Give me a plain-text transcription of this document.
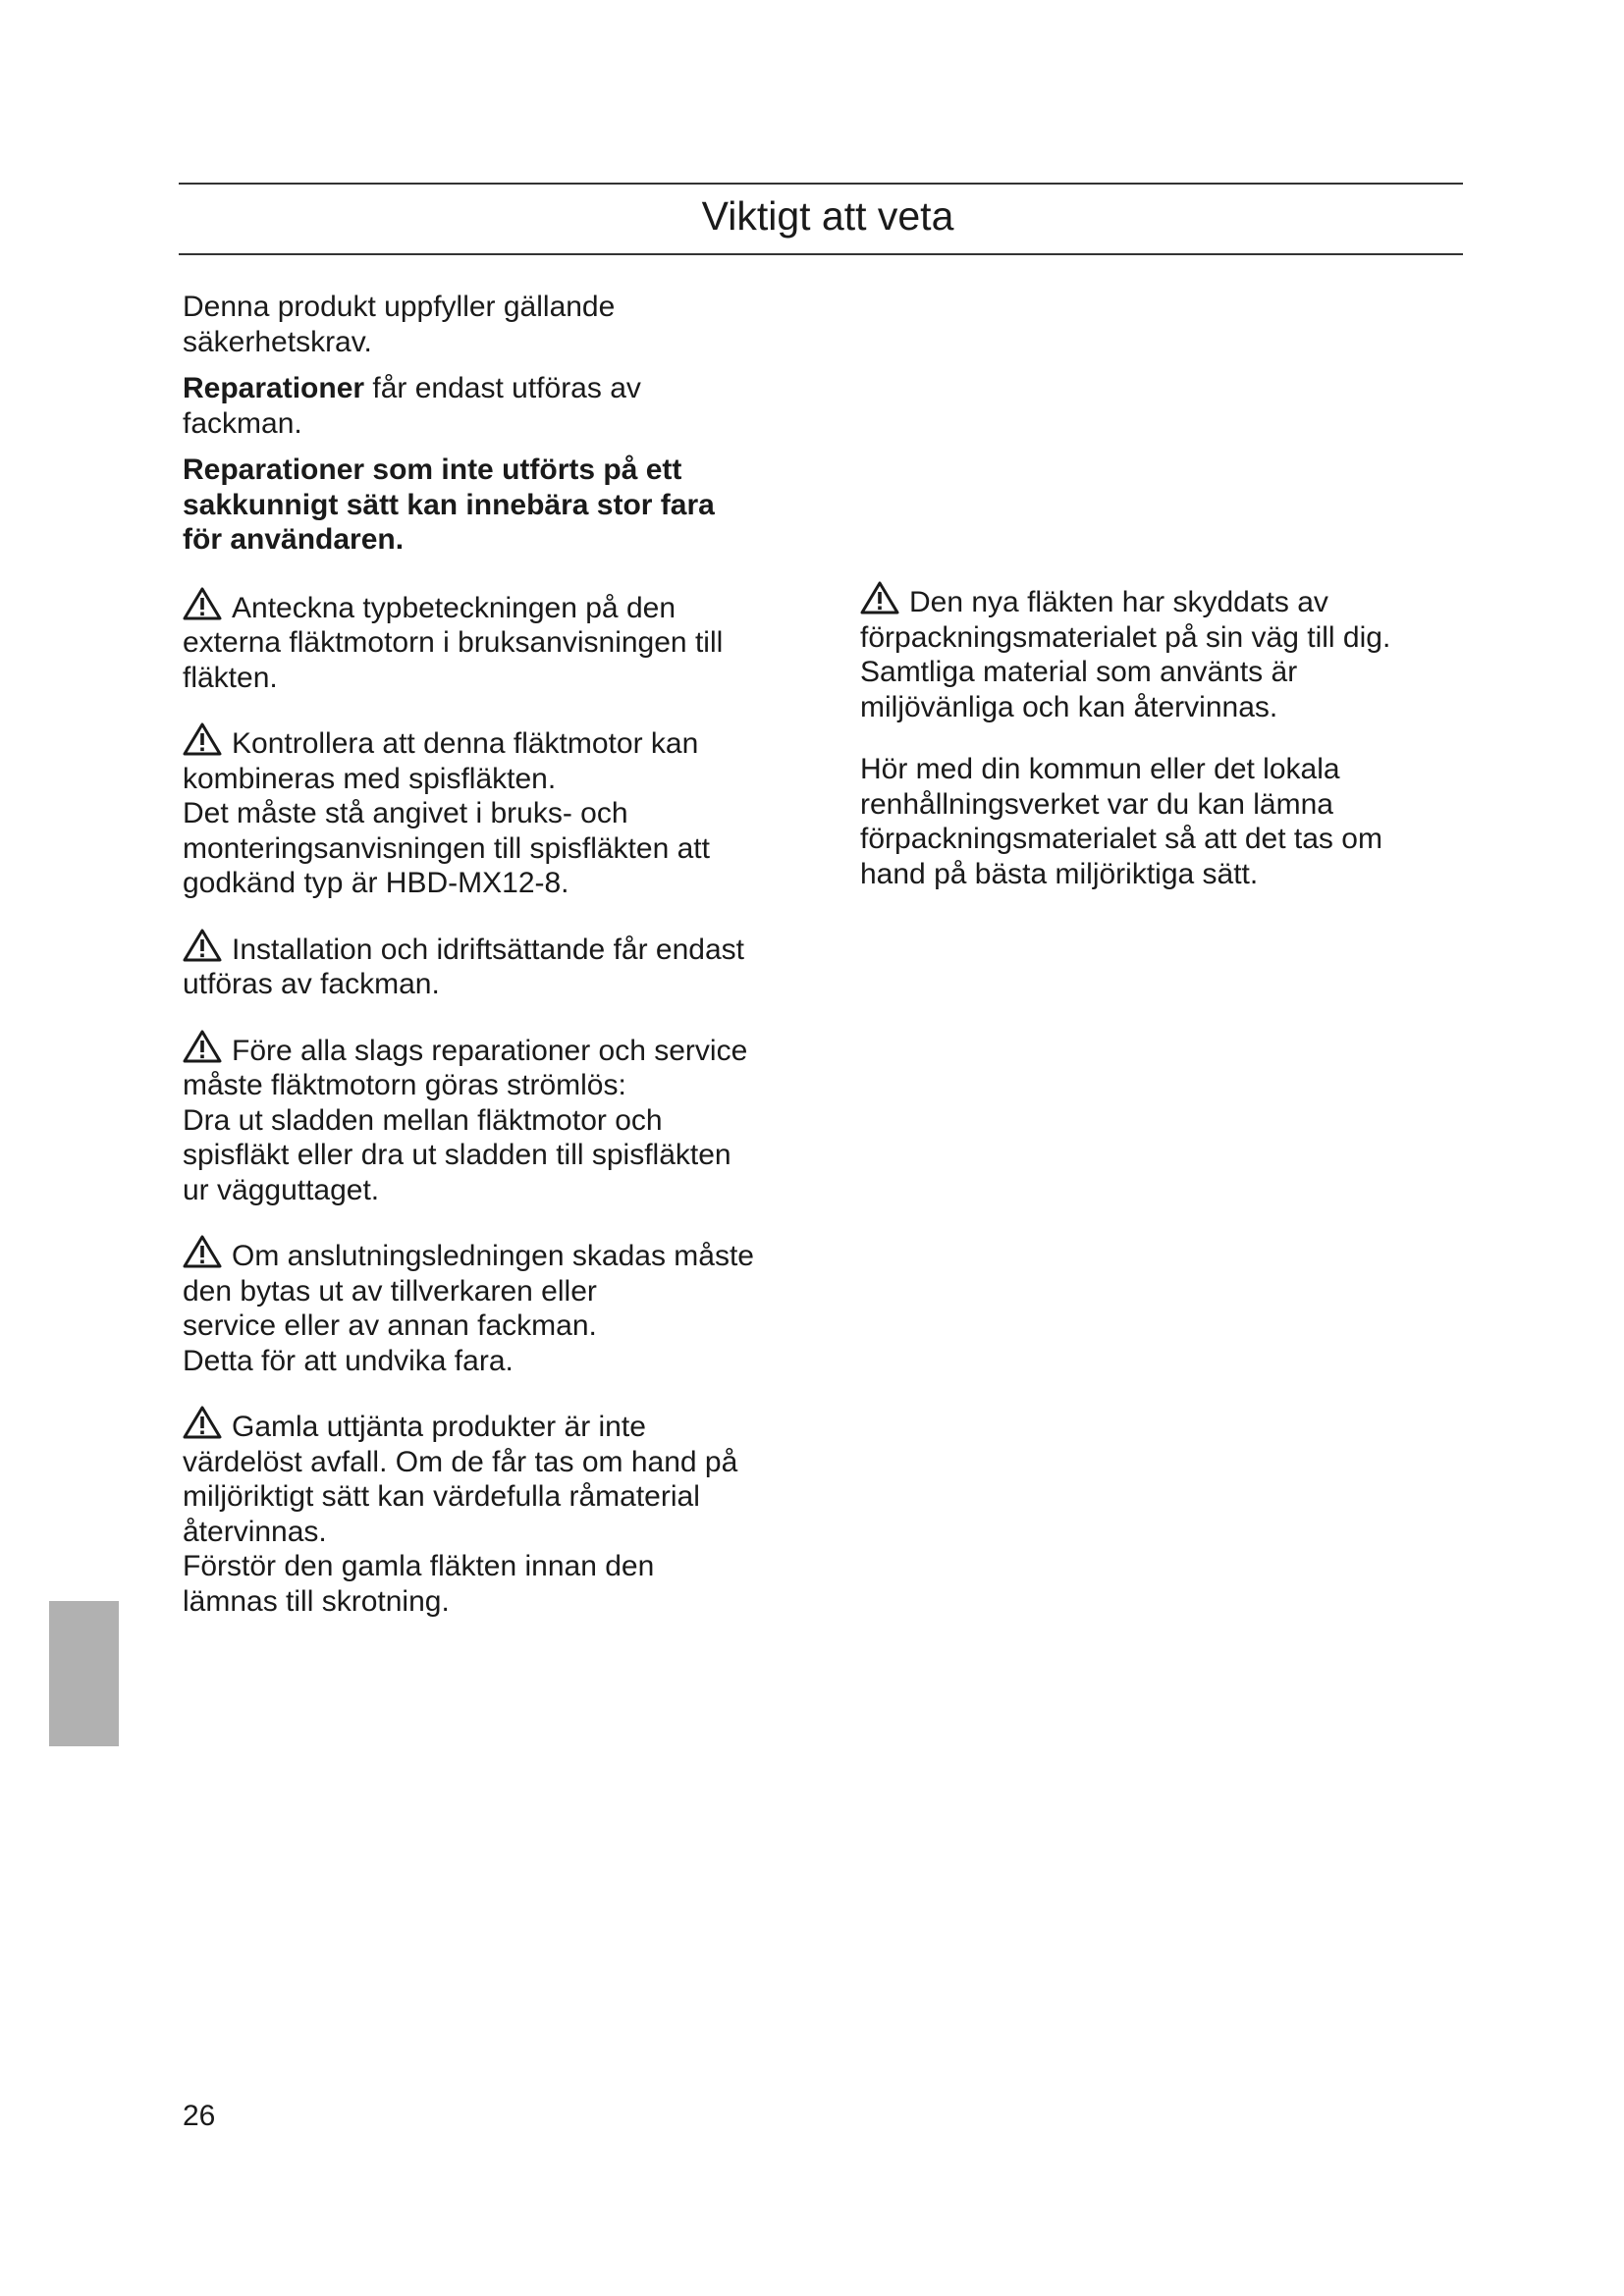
Viktigt att veta

Denna produkt uppfyller gällande
säkerhetskrav.

Reparationer får endast utföras av
fackman.

Reparationer som inte utförts på ett
sakkunnigt sätt kan innebära stor fara
för användaren.

Anteckna typbeteckningen på den
externa fläktmotorn i bruksanvisningen till
fläkten.
Kontrollera att denna fläktmotor kan
kombineras med spisfläkten.
Det måste stå angivet i bruks- och
monteringsanvisningen till spisfläkten att
godkänd typ är HBD-MX12-8.
Installation och idriftsättande får endast
utföras av fackman.
Före alla slags reparationer och service
måste fläktmotorn göras strömlös:
Dra ut sladden mellan fläktmotor och
spisfläkt eller dra ut sladden till spisfläkten
ur vägguttaget.
Om anslutningsledningen skadas måste
den bytas ut av tillverkaren eller
service eller av annan fackman.
Detta för att undvika fara.
Gamla uttjänta produkter är inte
värdelöst avfall. Om de får tas om hand på
miljöriktigt sätt kan värdefulla råmaterial
återvinnas.
Förstör den gamla fläkten innan den
lämnas till skrotning.
Den nya fläkten har skyddats av
förpackningsmaterialet på sin väg till dig.
Samtliga material som använts är
miljövänliga och kan återvinnas.
Hör med din kommun eller det lokala
renhållningsverket var du kan lämna
förpackningsmaterialet så att det tas om
hand på bästa miljöriktiga sätt.
26
